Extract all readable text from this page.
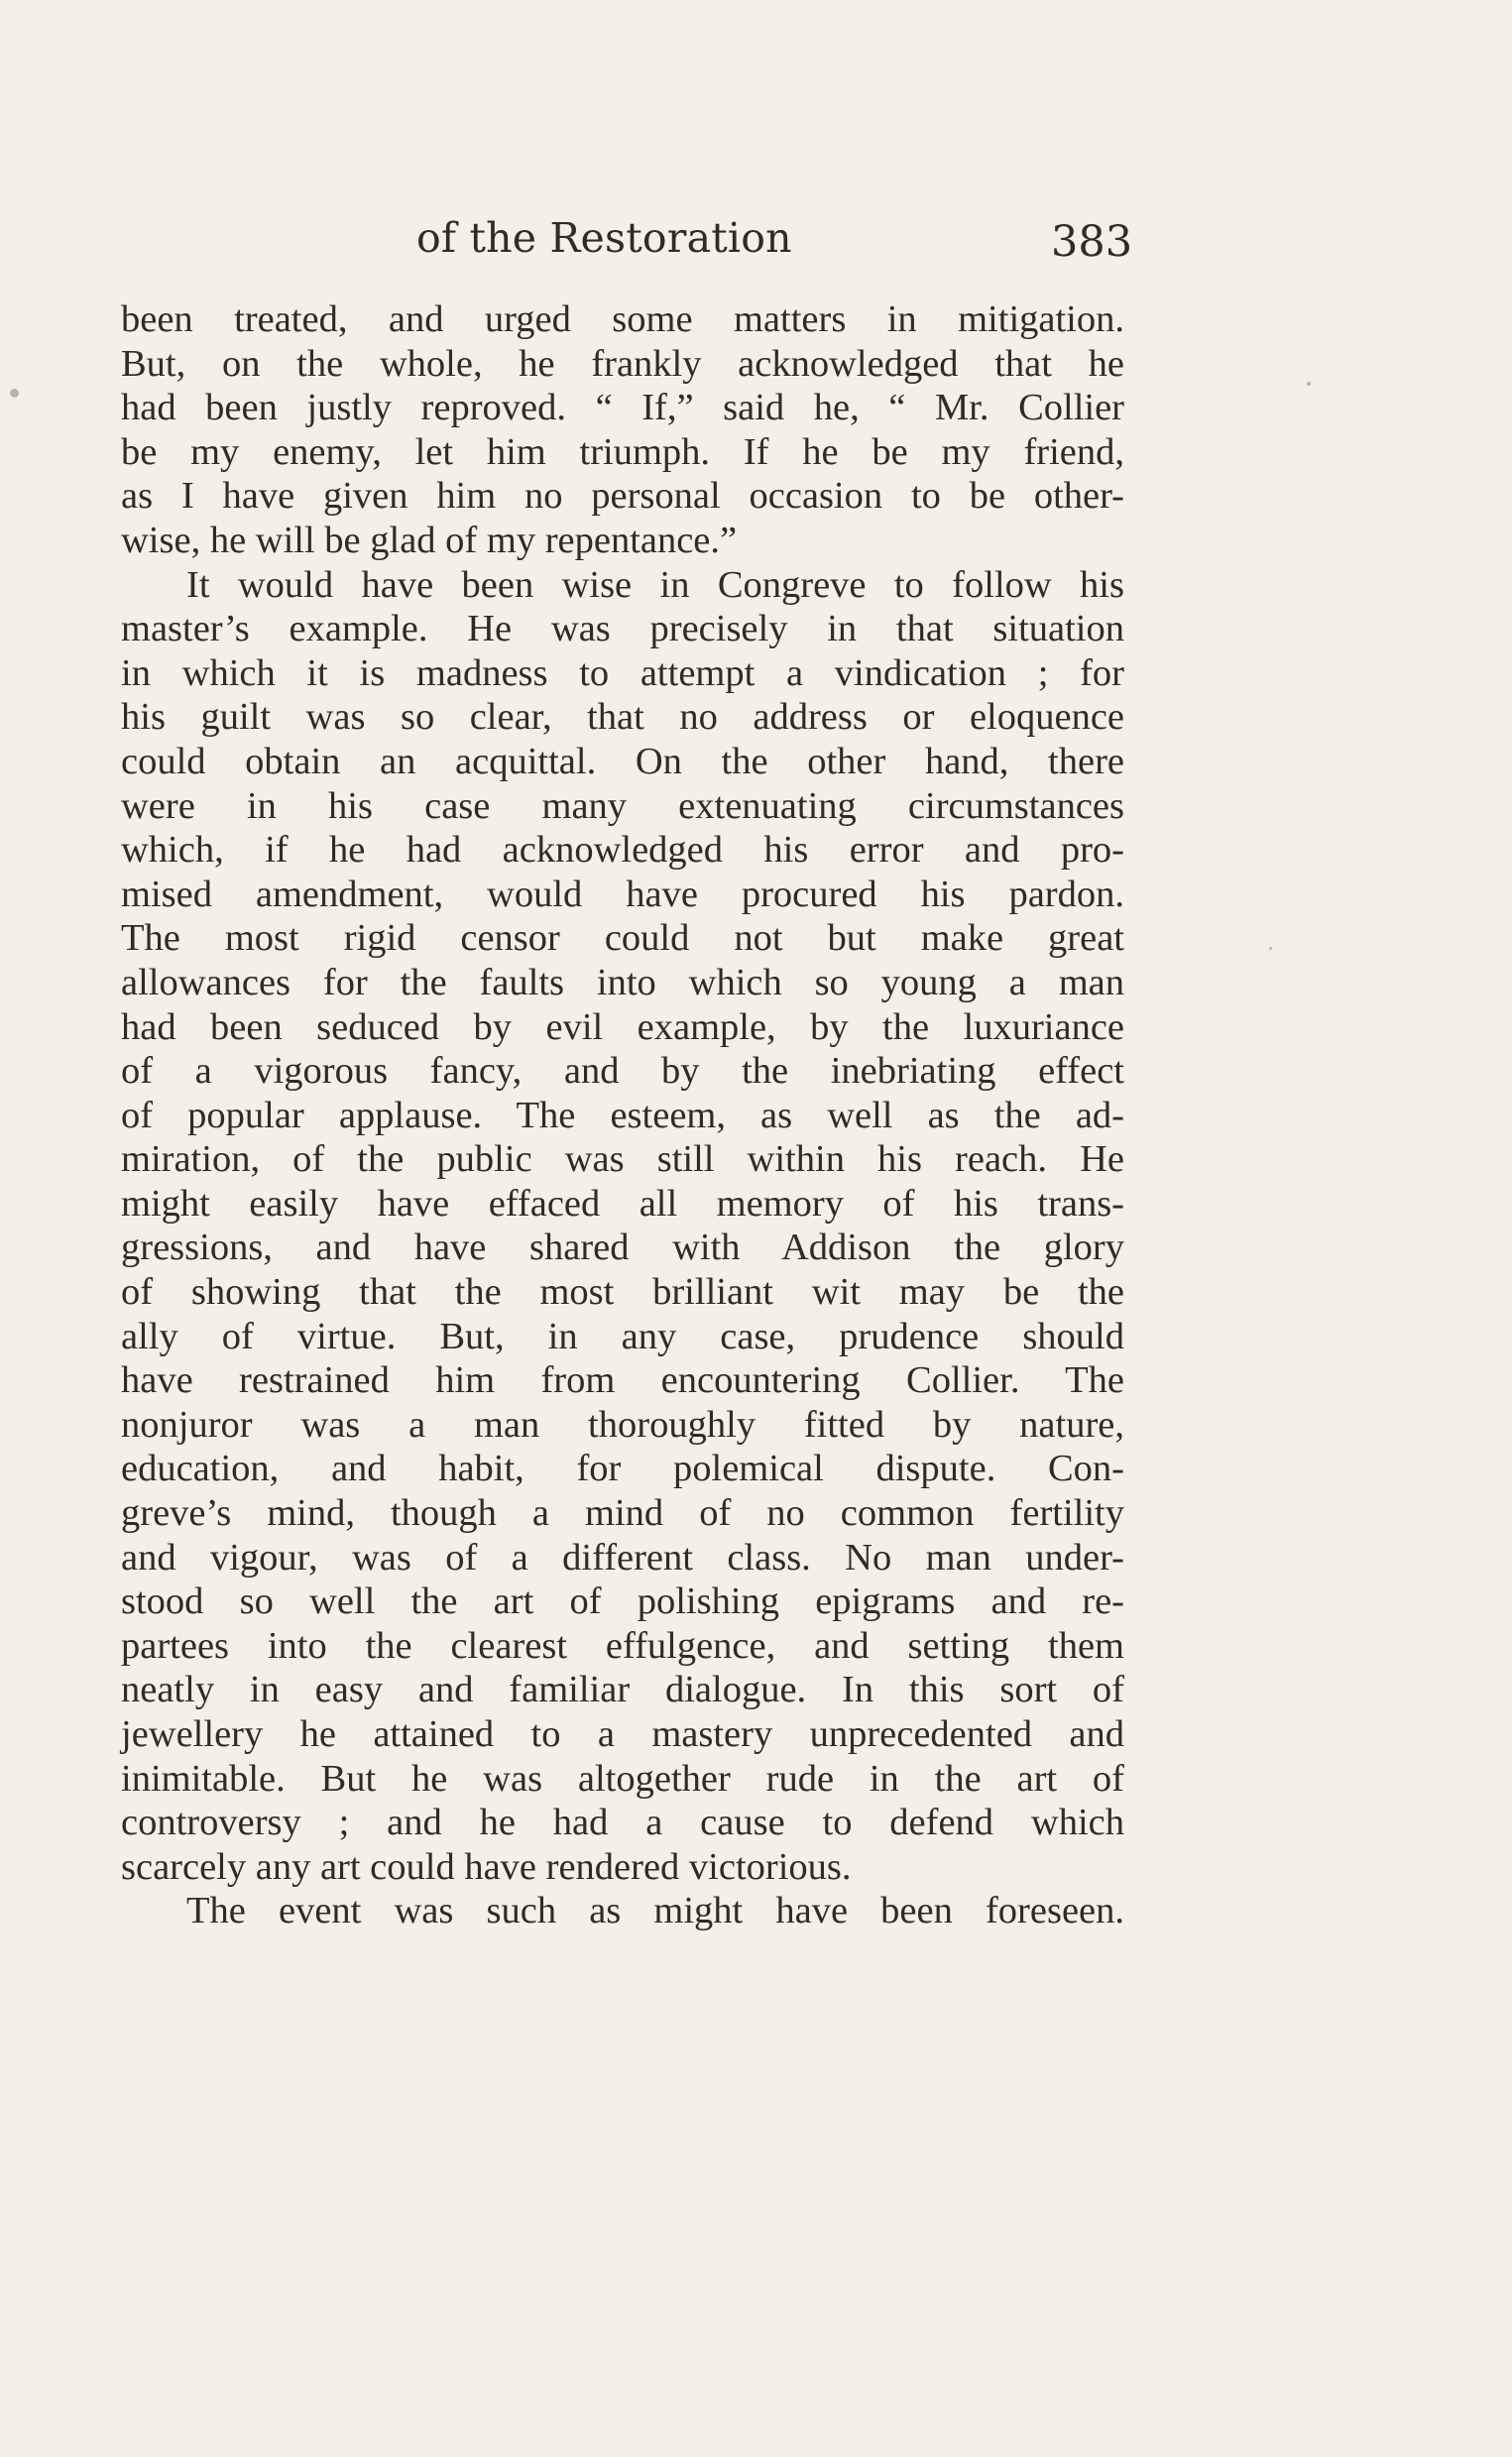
of the Restoration	383
been treated, and urged some matters in mitigation.
But, on the whole, he frankly acknowledged that he
had been justly reproved. “ If,” said he, “ Mr. Collier
be my enemy, let him triumph. If he be my friend,
as I have given him no personal occasion to be other-
wise, he will be glad of my repentance.”
It would have been wise in Congreve to follow his
master’s example. He was precisely in that situation
in which it is madness to attempt a vindication ; for
his guilt was so clear, that no address or eloquence
could obtain an acquittal. On the other hand, there
were in his case many extenuating circumstances
which, if he had acknowledged his error and pro-
mised amendment, would have procured his pardon.
The most rigid censor could not but make great
allowances for the faults into which so young a man
had been seduced by evil example, by the luxuriance
of a vigorous fancy, and by the inebriating effect
of popular applause. The esteem, as well as the ad-
miration, of the public was still within his reach. He
might easily have effaced all memory of his trans-
gressions, and have shared with Addison the glory
of showing that the most brilliant wit may be the
ally of virtue. But, in any case, prudence should
have restrained him from encountering Collier. The
nonjuror was a man thoroughly fitted by nature,
education, and habit, for polemical dispute. Con-
greve’s mind, though a mind of no common fertility
and vigour, was of a different class. No man under-
stood so well the art of polishing epigrams and re-
partees into the clearest effulgence, and setting them
neatly in easy and familiar dialogue. In this sort of
jewellery he attained to a mastery unprecedented and
inimitable. But he was altogether rude in the art of
controversy ; and he had a cause to defend which
scarcely any art could have rendered victorious.
The event was such as might have been foreseen.
